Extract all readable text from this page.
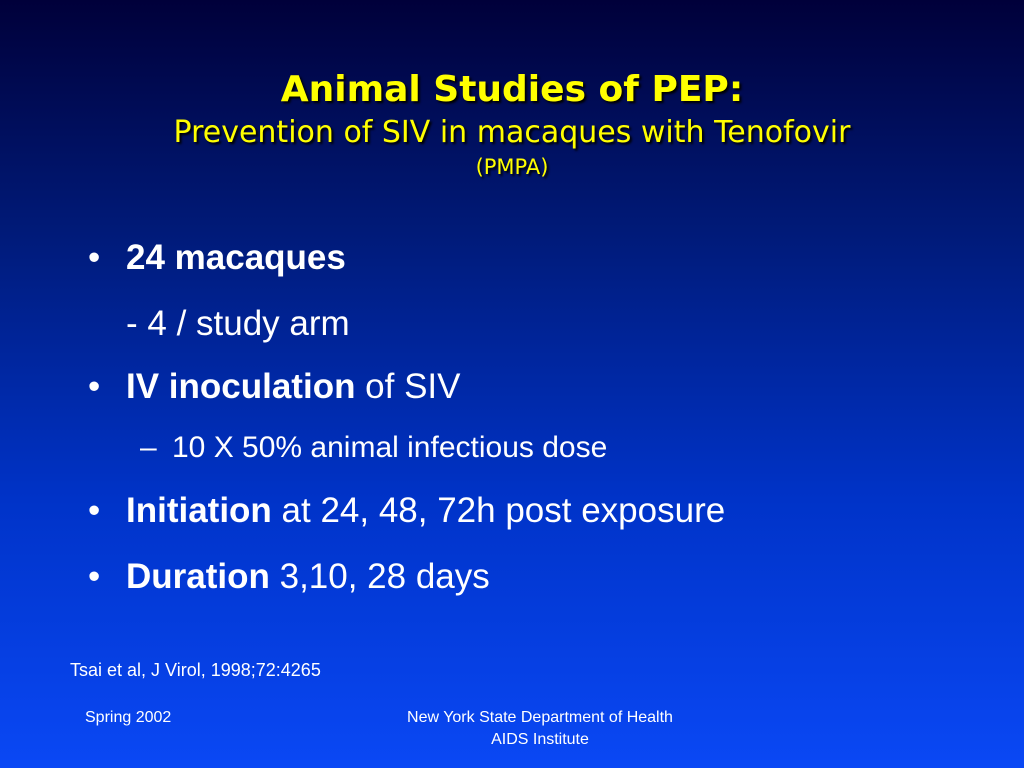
Animal Studies of PEP:
Prevention of SIV in macaques with Tenofovir
(PMPA)
• 24 macaques
- 4 / study arm
• IV inoculation of SIV
– 10 X 50% animal infectious dose
• Initiation at 24, 48, 72h post exposure
• Duration 3,10, 28 days
Tsai et al, J Virol, 1998;72:4265
Spring 2002	New York State Department of Health
AIDS Institute
